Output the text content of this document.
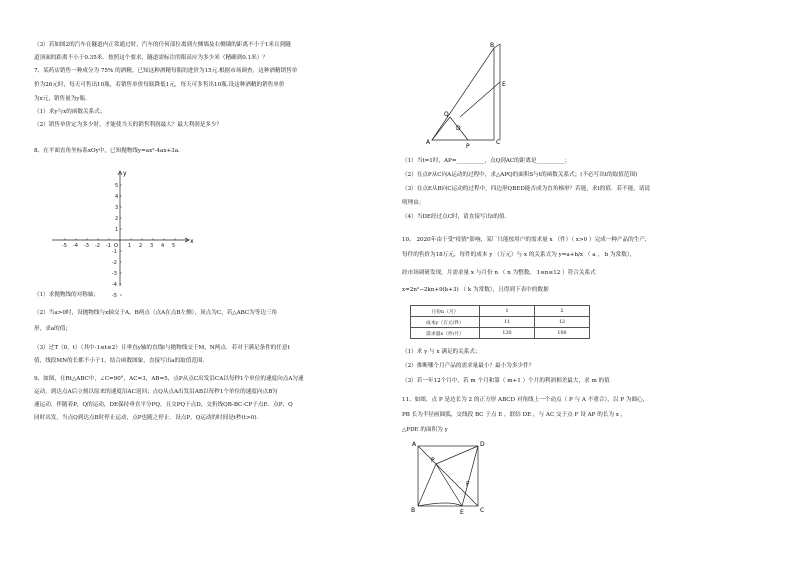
（3）若如图2的汽车在隧道内正常通过时，汽车的任何部位离到左侧墙及右侧墙的距离不小于1米且到隧
道顶面的距离不小于0.35米．按照这个要求，隧道需标注的限高应为多少米（精确到0.1米）？
7、某药店销售一种成分为 75% 的酒精，已知这种酒精每瓶的进价为15元.根据市场调查，这种酒精销售单
价为26元时，每天可售出10瓶，若销售单价每瓶降低1元，每天可多售出10瓶.设这种酒精的销售单价
为x元，销售量为y瓶.
（1）求y与x的函数关系式；
（2）销售单价定为多少时，才能使当天的销售利润最大？最大利润是多少？
8、在平面直角坐标系xOy中，已知抛物线y=ax²-4ax+3a.
（1）求抛物线的对称轴；
（2）当a>0时，设抛物线与x轴交于A，B两点（点A在点B左侧），顶点为C，若△ABC为等边三角
形，求a的值；
（3）过T（0，t）（其中-1≤t≤2）且垂直y轴的直线l与抛物线交于M，N两点．若对于满足条件的任意t
值，线段MN的长都不小于1，结合函数图象，直接写出a的取值范围.
9、如图，在Rt△ABC中，∠C=90°，AC=3，AB=5，点P从点C出发沿CA以每秒1个单位的速度向点A匀速
运动，到达点A后立刻以原来的速度沿AC返回；点Q从点A出发沿AB以每秒1个单位的速度向点B匀
速运动．伴随着P，Q的运动，DE保持垂直平分PQ，且交PQ于点D，交折线QB-BC-CP于点E．点P，Q
同时出发，当点Q到达点B时停止运动，点P也随之停止．设点P，Q运动的时间是t秒(t>0).
-5 -4 -3 -2 -1	1 2 3 4 5
5
4
3
2
1
-1
-2
-3
-4
-5
x
y
O
（1）当t=1时，AP=__________，点Q到AC的距离是__________；
（2）在点P从C向A运动的过程中，求△APQ的面积S与t的函数关系式；(不必写出t的取值范围)
（3）在点E从B向C运动的过程中，四边形QBED能否成为直角梯形？若能，求t的值．若不能，请说
明理由；
（4）当DE经过点C时，请直接写出t的值．
10、 2020年由于受"疫情"影响，某厂只能按用户的需求量 x （件）（ x>0 ）完成一种产品的生产，
每件的售价为18万元，每件的成本 y （万元）与 x 的关系式为 y=a+b/x （ a ， b 为常数），
经市场调研发现，月需求量 x 与月份 n （ n 为整数， 1≤n≤12 ）符合关系式
x=2n²−2kn+9(k+3) （ k 为常数），且得到下表中的数据
（1）求 y 与 x 满足的关系式；
（2）推断哪个月产品的需求量最小？最小为多少件？
（3）若一年12个月中，若 m 个月和第（ m+1 ）个月的利润相差最大，求 m 的值
11、如图，点 P 是边长为 2 的正方形 ABCD 对角线上一个动点（ P 与 A 不重合），以 P 为圆心，
PB 长为半径画圆弧，交线段 BC 于点 E ，联结 DE ，与 AC 交于点 F 设 AP 的长为 x ，
△PDE 的面积为 y
B
A	C
E
Q
D
P
月份n（月）	1	2
成本y（万元/件）	11	12
需求量x（件/月）	120	100
A	D
B	C
E
F
P
